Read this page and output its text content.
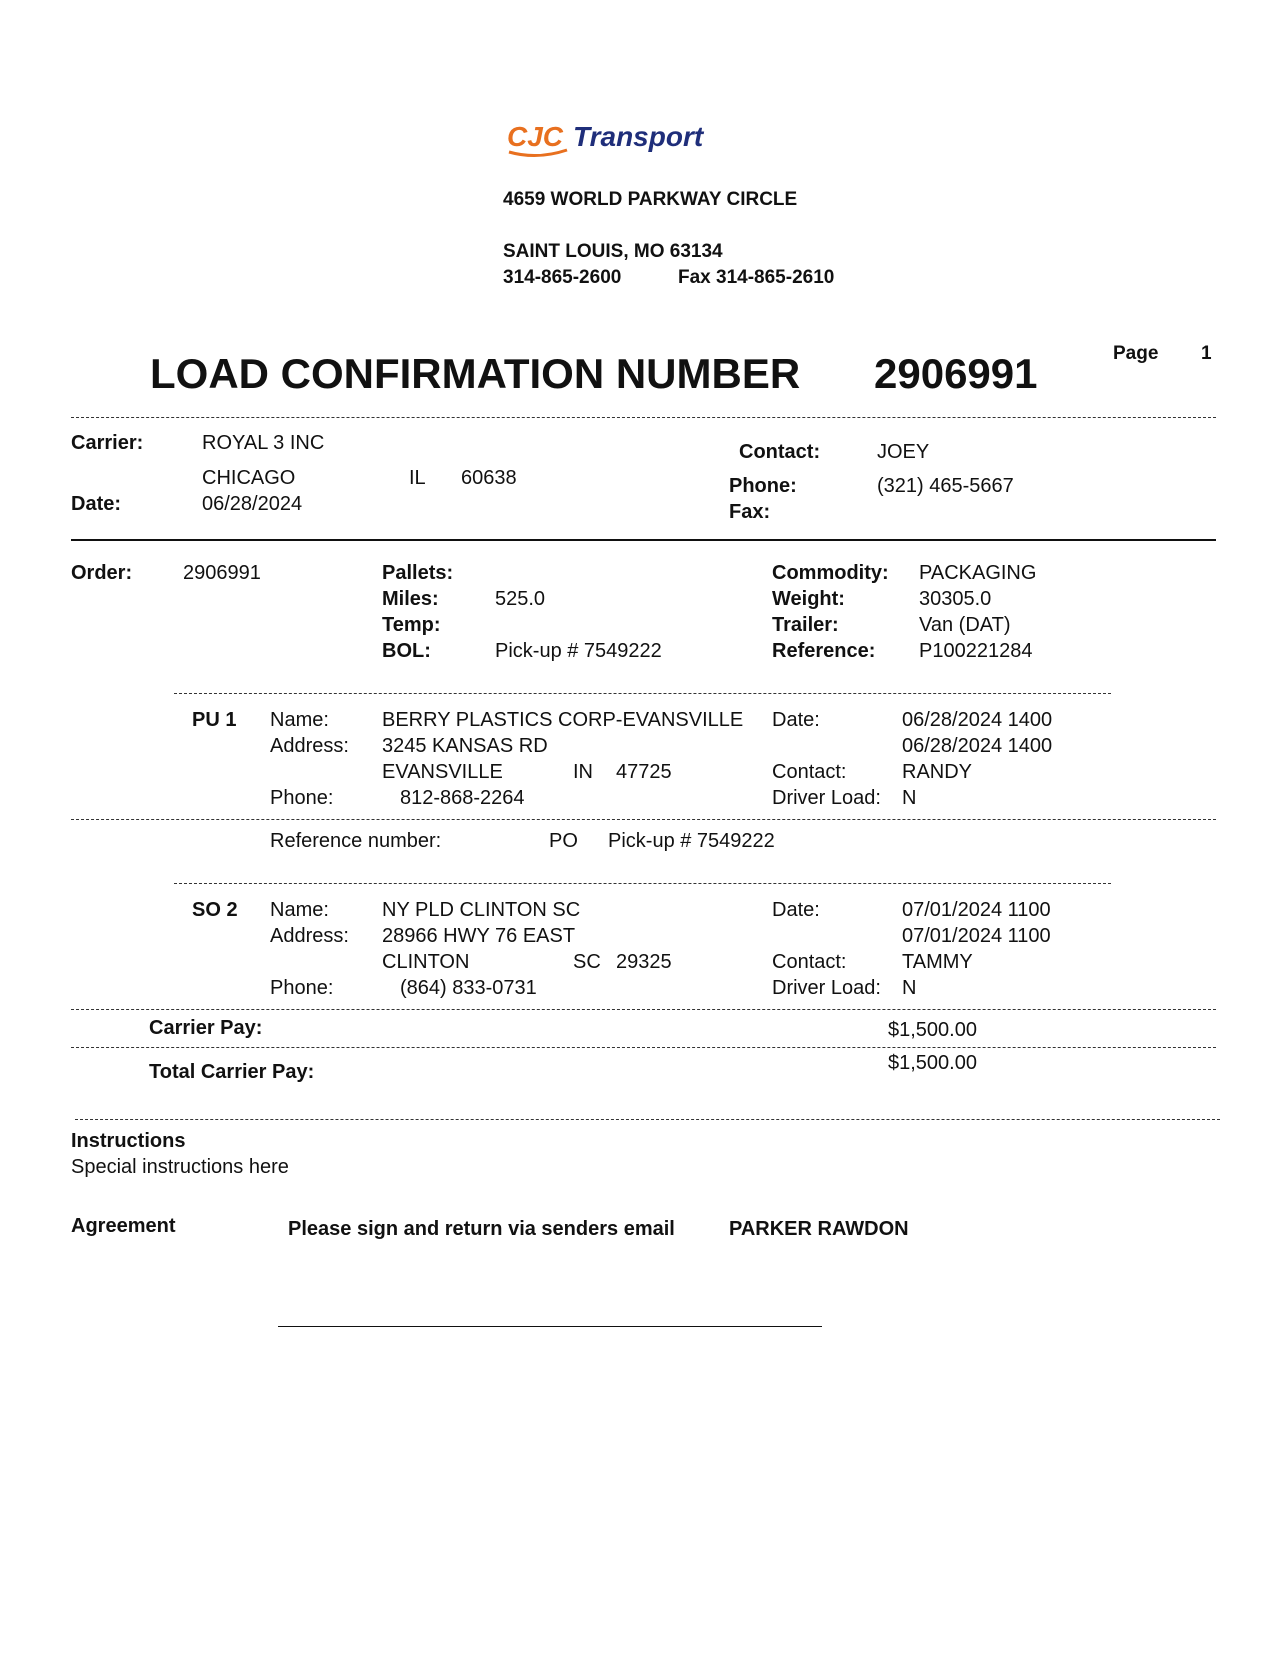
CJC Transport
4659 WORLD PARKWAY CIRCLE
SAINT LOUIS, MO 63134
314-865-2600	Fax 314-865-2610
Page 1
LOAD CONFIRMATION NUMBER 2906991
Carrier:	ROYAL 3 INC
CHICAGO	IL 60638
Date:	06/28/2024
Contact:	JOEY
Phone:	(321) 465-5667
Fax:
Order:	2906991	Pallets:
Miles:	525.0
Temp:
BOL:	Pick-up # 7549222
Commodity: PACKAGING
Weight:	30305.0
Trailer:	Van (DAT)
Reference: P100221284
PU 1 Name:	BERRY PLASTICS CORP-EVANSVILLE
Address: 3245 KANSAS RD
EVANSVILLE	IN 47725
Phone:	812-868-2264
Date:	06/28/2024 1400
06/28/2024 1400
Contact:	RANDY
Driver Load: N
Reference number:	PO Pick-up # 7549222
SO 2 Name:	NY PLD CLINTON SC
Address: 28966 HWY 76 EAST
CLINTON	SC 29325
Phone:	(864) 833-0731
Date:	07/01/2024 1100
07/01/2024 1100
Contact:	TAMMY
Driver Load: N
Carrier Pay:	$1,500.00
Total Carrier Pay:	$1,500.00
Instructions
Special instructions here
Agreement	Please sign and return via senders email	PARKER RAWDON
